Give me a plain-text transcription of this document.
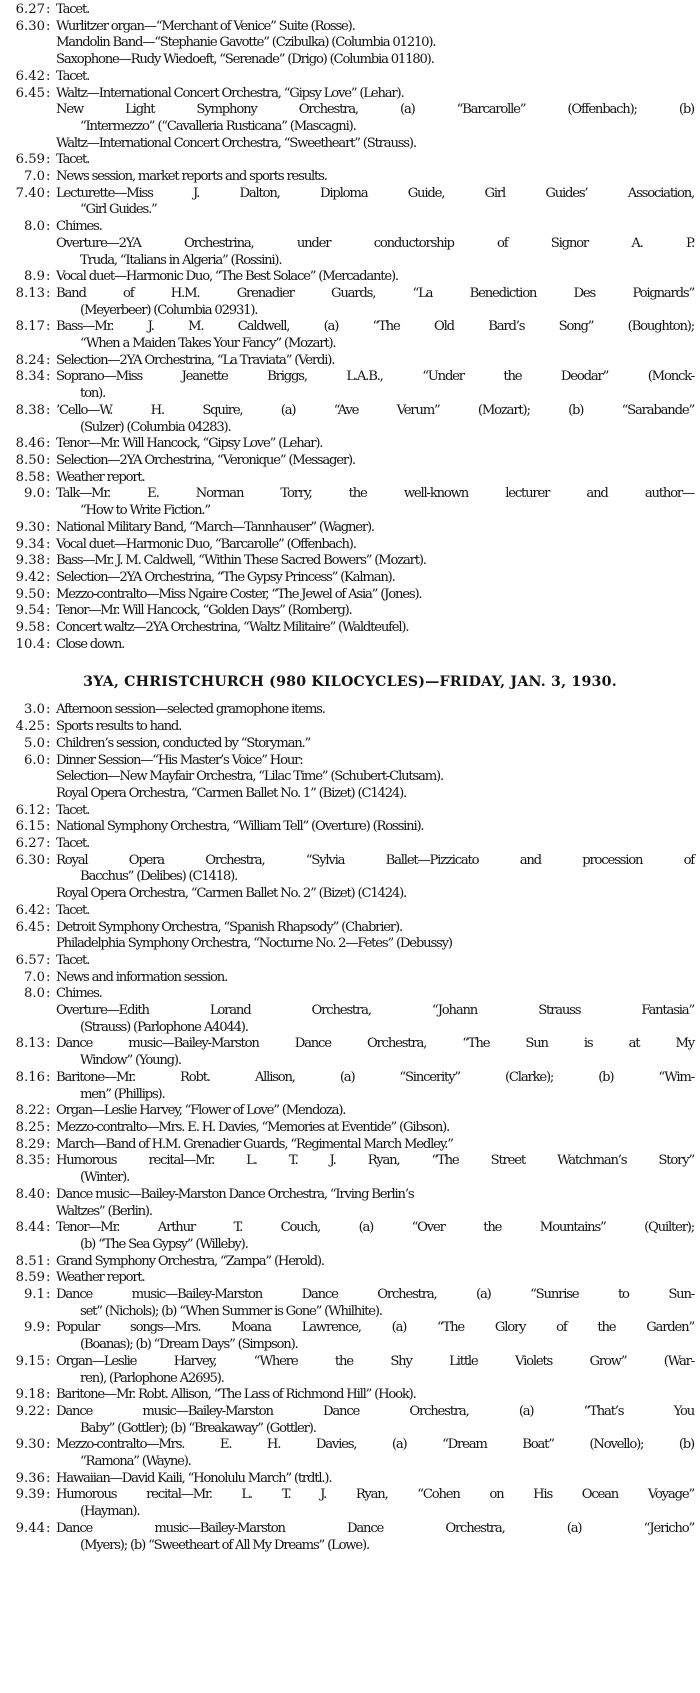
6.27 : Tacet.
6.30 : Wurlitzer organ—“Merchant of Venice” Suite (Rosse).
Mandolin Band—“Stephanie Gavotte” (Czibulka) (Columbia 01210).
Saxophone—Rudy Wiedoeft, “Serenade” (Drigo) (Columbia 01180).
6.42 : Tacet.
6.45 : Waltz—International Concert Orchestra, “Gipsy Love” (Lehar).
New Light Symphony Orchestra, (a) “Barcarolle” (Offenbach); (b)
“Intermezzo” (“Cavalleria Rusticana” (Mascagni).
Waltz—International Concert Orchestra, “Sweetheart” (Strauss).
6.59 : Tacet.
7.0 : News session, market reports and sports results.
7.40 : Lecturette—Miss J. Dalton, Diploma Guide, Girl Guides’ Association,
“Girl Guides.”
8.0 : Chimes.
Overture—2YA Orchestrina, under conductorship of Signor A. P.
Truda, “Italians in Algeria” (Rossini).
8.9 : Vocal duet—Harmonic Duo, “The Best Solace” (Mercadante).
8.13 : Band of H.M. Grenadier Guards, “La Benediction Des Poignards”
(Meyerbeer) (Columbia 02931).
8.17 : Bass—Mr. J. M. Caldwell, (a) “The Old Bard’s Song” (Boughton);
“When a Maiden Takes Your Fancy” (Mozart).
8.24 : Selection—2YA Orchestrina, “La Traviata” (Verdi).
8.34 : Soprano—Miss Jeanette Briggs, L.A.B., “Under the Deodar” (Monck-
ton).
8.38 : ’Cello—W. H. Squire, (a) “Ave Verum” (Mozart); (b) “Sarabande”
(Sulzer) (Columbia 04283).
8.46 : Tenor—Mr. Will Hancock, “Gipsy Love” (Lehar).
8.50 : Selection—2YA Orchestrina, “Veronique” (Messager).
8.58 : Weather report.
9.0 : Talk—Mr. E. Norman Torry, the well-known lecturer and author—
“How to Write Fiction.”
9.30 : National Military Band, “March—Tannhauser” (Wagner).
9.34 : Vocal duet—Harmonic Duo, “Barcarolle” (Offenbach).
9.38 : Bass—Mr. J. M. Caldwell, “Within These Sacred Bowers” (Mozart).
9.42 : Selection—2YA Orchestrina, “The Gypsy Princess” (Kalman).
9.50 : Mezzo-contralto—Miss Ngaire Coster, “The Jewel of Asia” (Jones).
9.54 : Tenor—Mr. Will Hancock, “Golden Days” (Romberg).
9.58 : Concert waltz—2YA Orchestrina, “Waltz Militaire” (Waldteufel).
10.4 : Close down.
3YA, CHRISTCHURCH (980 KILOCYCLES)—FRIDAY, JAN. 3, 1930.
3.0 : Afternoon session—selected gramophone items.
4.25 : Sports results to hand.
5.0 : Children’s session, conducted by “Storyman.”
6.0 : Dinner Session—“His Master’s Voice” Hour:
Selection—New Mayfair Orchestra, “Lilac Time” (Schubert-Clutsam).
Royal Opera Orchestra, “Carmen Ballet No. 1” (Bizet) (C1424).
6.12 : Tacet.
6.15 : National Symphony Orchestra, “William Tell” (Overture) (Rossini).
6.27 : Tacet.
6.30 : Royal Opera Orchestra, “Sylvia Ballet—Pizzicato and procession of
Bacchus” (Delibes) (C1418).
Royal Opera Orchestra, “Carmen Ballet No. 2” (Bizet) (C1424).
6.42 : Tacet.
6.45 : Detroit Symphony Orchestra, “Spanish Rhapsody” (Chabrier).
Philadelphia Symphony Orchestra, “Nocturne No. 2—Fetes” (Debussy)
6.57 : Tacet.
7.0 : News and information session.
8.0 : Chimes.
Overture—Edith Lorand Orchestra, “Johann Strauss Fantasia”
(Strauss) (Parlophone A4044).
8.13 : Dance music—Bailey-Marston Dance Orchestra, “The Sun is at My
Window” (Young).
8.16 : Baritone—Mr. Robt. Allison, (a) “Sincerity” (Clarke); (b) “Wim-
men” (Phillips).
8.22 : Organ—Leslie Harvey, “Flower of Love” (Mendoza).
8.25 : Mezzo-contralto—Mrs. E. H. Davies, “Memories at Eventide” (Gibson).
8.29 : March—Band of H.M. Grenadier Guards, “Regimental March Medley.”
8.35 : Humorous recital—Mr. L. T. J. Ryan, “The Street Watchman’s Story”
(Winter).
8.40 : Dance music—Bailey-Marston Dance Orchestra, “Irving Berlin’s
Waltzes” (Berlin).
8.44 : Tenor—Mr. Arthur T. Couch, (a) “Over the Mountains” (Quilter);
(b) “The Sea Gypsy” (Willeby).
8.51 : Grand Symphony Orchestra, “Zampa” (Herold).
8.59 : Weather report.
9.1 : Dance music—Bailey-Marston Dance Orchestra, (a) “Sunrise to Sun-
set” (Nichols); (b) “When Summer is Gone” (Whilhite).
9.9 : Popular songs—Mrs. Moana Lawrence, (a) “The Glory of the Garden”
(Boanas); (b) “Dream Days” (Simpson).
9.15 : Organ—Leslie Harvey, “Where the Shy Little Violets Grow” (War-
ren), (Parlophone A2695).
9.18 : Baritone—Mr. Robt. Allison, “The Lass of Richmond Hill” (Hook).
9.22 : Dance music—Bailey-Marston Dance Orchestra, (a) “That’s You
Baby” (Gottler); (b) “Breakaway” (Gottler).
9.30 : Mezzo-contralto—Mrs. E. H. Davies, (a) “Dream Boat” (Novello); (b)
“Ramona” (Wayne).
9.36 : Hawaiian—David Kaili, “Honolulu March” (trdtl.).
9.39 : Humorous recital—Mr. L. T. J. Ryan, “Cohen on His Ocean Voyage”
(Hayman).
9.44 : Dance music—Bailey-Marston Dance Orchestra, (a) “Jericho”
(Myers); (b) “Sweetheart of All My Dreams” (Lowe).
